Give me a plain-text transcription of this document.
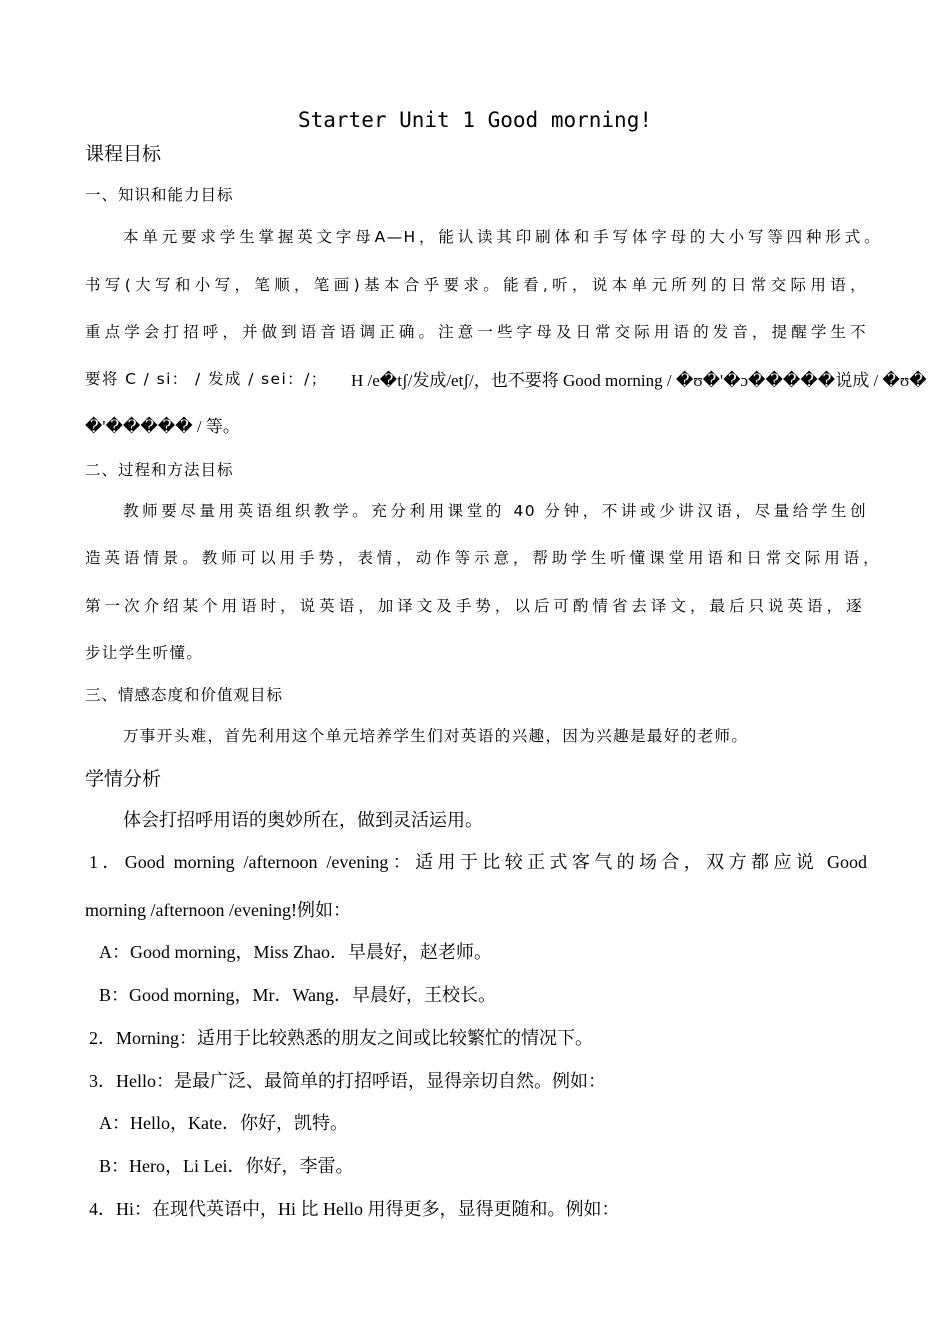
Starter Unit 1 Good morning!
课程目标
一、知识和能力目标
本单元要求学生掌握英文字母A—H，能认读其印刷体和手写体字母的大小写等四种形式。
书写(大写和小写，笔顺，笔画)基本合乎要求。能看,听，说本单元所列的日常交际用语，
重点学会打招呼，并做到语音语调正确。注意一些字母及日常交际用语的发音，提醒学生不
要将 C / si： / 发成 / sei：/； H /e�tʃ/发成/etʃ/，也不要将 Good morning / �ʊ�'�ɔ�����说成 / �ʊ�
�'����� / 等。
二、过程和方法目标
教师要尽量用英语组织教学。充分利用课堂的 40 分钟，不讲或少讲汉语，尽量给学生创
造英语情景。教师可以用手势，表情，动作等示意，帮助学生听懂课堂用语和日常交际用语，
第一次介绍某个用语时，说英语，加译文及手势，以后可酌情省去译文，最后只说英语，逐
步让学生听懂。
三、情感态度和价值观目标
万事开头难，首先利用这个单元培养学生们对英语的兴趣，因为兴趣是最好的老师。
学情分析
体会打招呼用语的奥妙所在，做到灵活运用。
1．Good morning /afternoon /evening：适用于比较正式客气的场合，双方都应说 Good
morning /afternoon /evening!例如：
A：Good morning，Miss Zhao．早晨好，赵老师。
B：Good morning，Mr．Wang．早晨好，王校长。
2．Morning：适用于比较熟悉的朋友之间或比较繁忙的情况下。
3．Hello：是最广泛、最简单的打招呼语，显得亲切自然。例如：
A：Hello，Kate．你好，凯特。
B：Hero，Li Lei．你好，李雷。
4．Hi：在现代英语中，Hi 比 Hello 用得更多，显得更随和。例如：
